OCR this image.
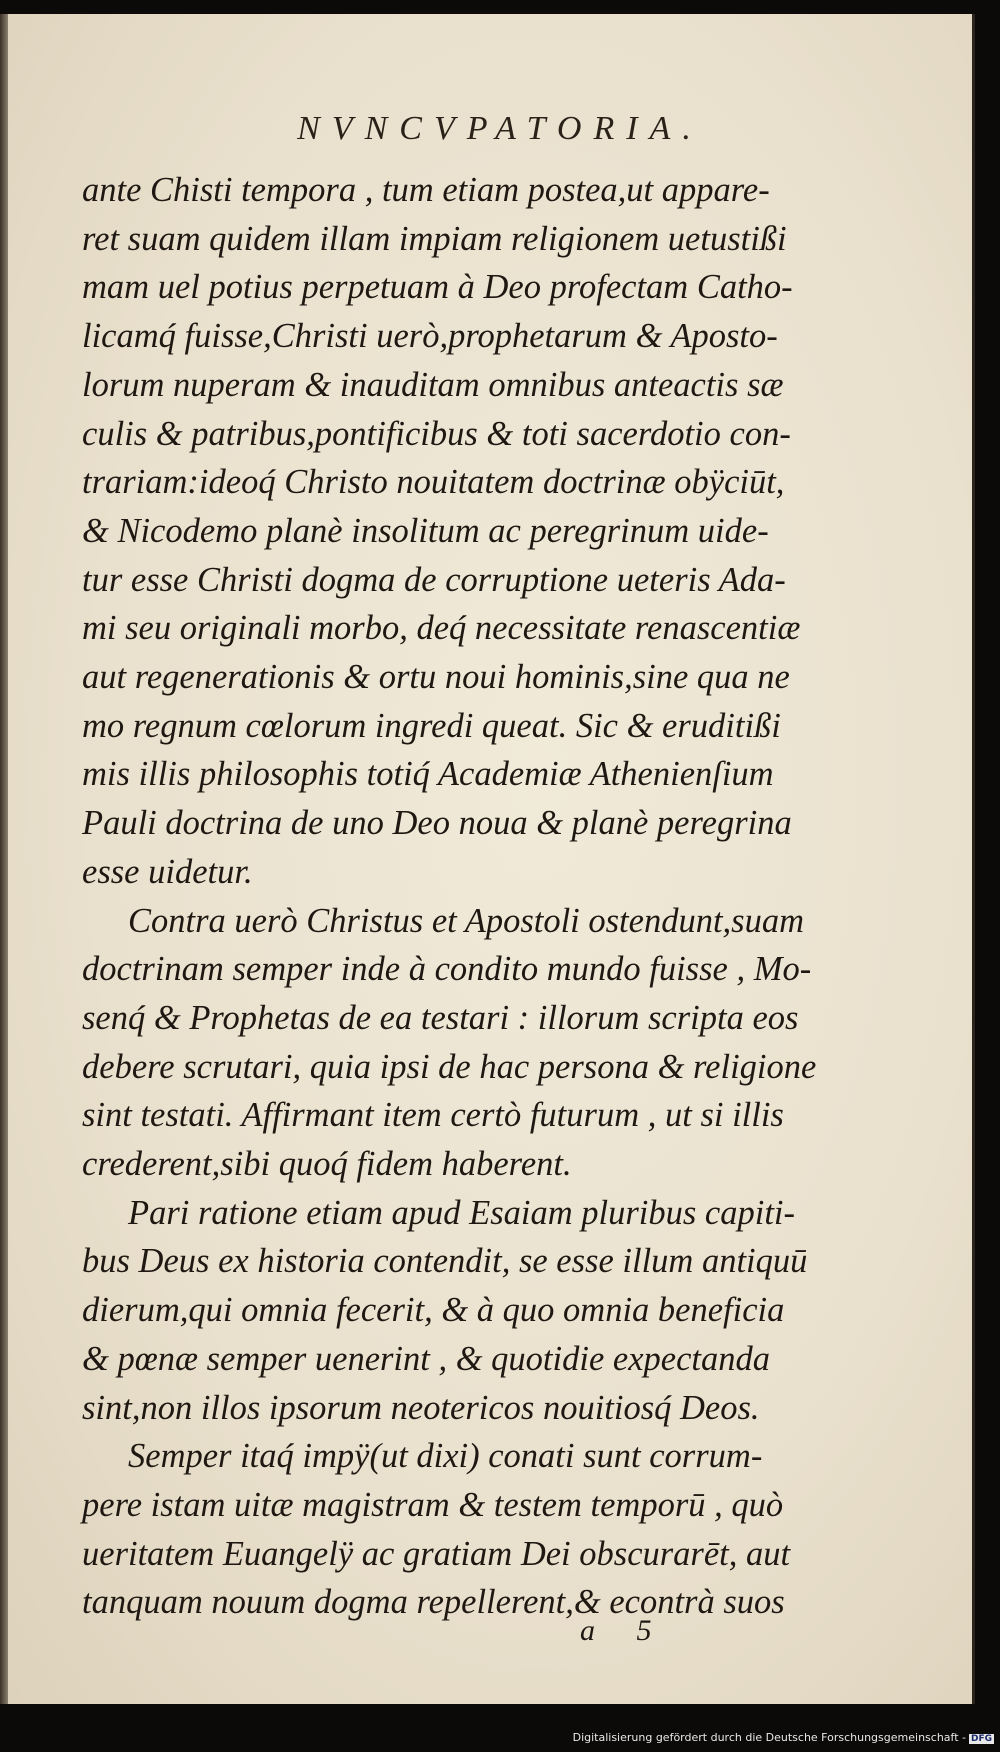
NVNCVPATORIA.
ante Chisti tempora , tum etiam postea,ut appare-
ret suam quidem illam impiam religionem uetustißi
mam uel potius perpetuam à Deo profectam Catho-
licamq́ fuisse,Christi uerò,prophetarum & Aposto-
lorum nuperam & inauditam omnibus anteactis sæ
culis & patribus,pontificibus & toti sacerdotio con-
trariam:ideoq́ Christo nouitatem doctrinæ obÿciūt,
& Nicodemo planè insolitum ac peregrinum uide-
tur esse Christi dogma de corruptione ueteris Ada-
mi seu originali morbo, deq́ necessitate renascentiæ
aut regenerationis & ortu noui hominis,sine qua ne
mo regnum cœlorum ingredi queat. Sic & eruditißi
mis illis philosophis totiq́ Academiæ Athenienſium
Pauli doctrina de uno Deo noua & planè peregrina
esse uidetur.
Contra uerò Christus et Apostoli ostendunt,suam
doctrinam semper inde à condito mundo fuisse , Mo-
senq́ & Prophetas de ea testari : illorum scripta eos
debere scrutari, quia ipsi de hac persona & religione
sint testati. Affirmant item certò futurum , ut si illis
crederent,sibi quoq́ fidem haberent.
Pari ratione etiam apud Esaiam pluribus capiti-
bus Deus ex historia contendit, se esse illum antiquū
dierum,qui omnia fecerit, & à quo omnia beneficia
& pœnæ semper uenerint , & quotidie expectanda
sint,non illos ipsorum neotericos nouitiosq́ Deos.
Semper itaq́ impÿ(ut dixi) conati sunt corrum-
pere istam uitæ magistram & testem temporū , quò
ueritatem Euangelÿ ac gratiam Dei obscurarēt, aut
tanquam nouum dogma repellerent,& econtrà suos
a 5
Digitalisierung gefördert durch die Deutsche Forschungsgemeinschaft - DFG
